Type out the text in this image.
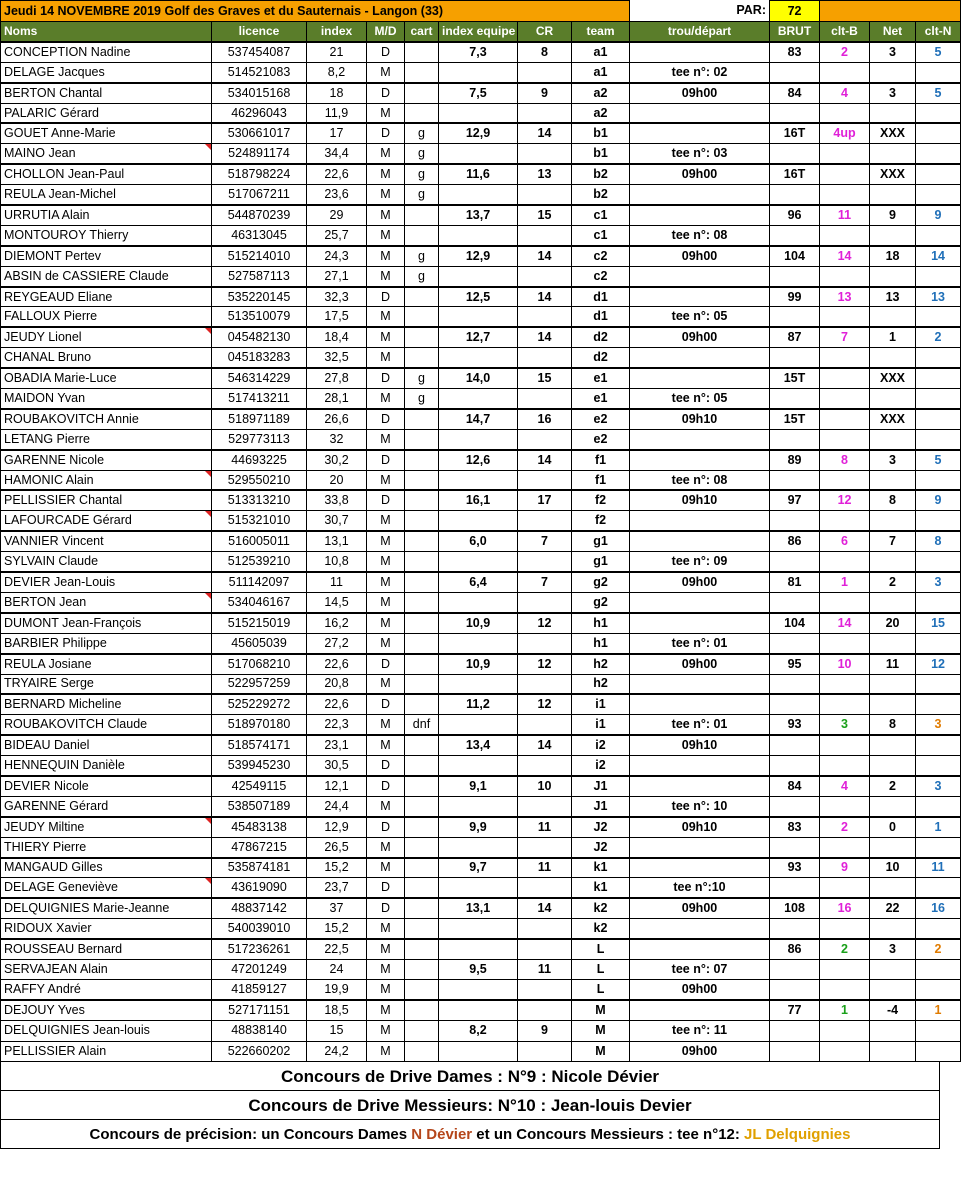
Jeudi 14 NOVEMBRE 2019 Golf des Graves et du Sauternais - Langon (33)								PAR:	72			
Noms	licence	index	M/D	cart	index equipe	CR	team	trou/départ	BRUT	clt-B	Net	clt-N
CONCEPTION Nadine	537454087	21	D		7,3	8	a1		83	2	3	5
DELAGE Jacques	514521083	8,2	M				a1	tee n°: 02				
BERTON Chantal	534015168	18	D		7,5	9	a2	09h00	84	4	3	5
PALARIC Gérard	46296043	11,9	M				a2					
GOUET Anne-Marie	530661017	17	D	g	12,9	14	b1		16T	4up	XXX	
MAINO Jean	524891174	34,4	M	g			b1	tee n°: 03				
CHOLLON Jean-Paul	518798224	22,6	M	g	11,6	13	b2	09h00	16T		XXX	
REULA Jean-Michel	517067211	23,6	M	g			b2					
URRUTIA Alain	544870239	29	M		13,7	15	c1		96	11	9	9
MONTOUROY Thierry	46313045	25,7	M				c1	tee n°: 08				
DIEMONT Pertev	515214010	24,3	M	g	12,9	14	c2	09h00	104	14	18	14
ABSIN de CASSIERE Claude	527587113	27,1	M	g			c2					
REYGEAUD Eliane	535220145	32,3	D		12,5	14	d1		99	13	13	13
FALLOUX Pierre	513510079	17,5	M				d1	tee n°: 05				
JEUDY Lionel	045482130	18,4	M		12,7	14	d2	09h00	87	7	1	2
CHANAL Bruno	045183283	32,5	M				d2					
OBADIA Marie-Luce	546314229	27,8	D	g	14,0	15	e1		15T		XXX	
MAIDON Yvan	517413211	28,1	M	g			e1	tee n°: 05				
ROUBAKOVITCH Annie	518971189	26,6	D		14,7	16	e2	09h10	15T		XXX	
LETANG Pierre	529773113	32	M				e2					
GARENNE Nicole	44693225	30,2	D		12,6	14	f1		89	8	3	5
HAMONIC Alain	529550210	20	M				f1	tee n°: 08				
PELLISSIER Chantal	513313210	33,8	D		16,1	17	f2	09h10	97	12	8	9
LAFOURCADE Gérard	515321010	30,7	M				f2					
VANNIER Vincent	516005011	13,1	M		6,0	7	g1		86	6	7	8
SYLVAIN Claude	512539210	10,8	M				g1	tee n°: 09				
DEVIER Jean-Louis	511142097	11	M		6,4	7	g2	09h00	81	1	2	3
BERTON Jean	534046167	14,5	M				g2					
DUMONT Jean-François	515215019	16,2	M		10,9	12	h1		104	14	20	15
BARBIER Philippe	45605039	27,2	M				h1	tee n°: 01				
REULA Josiane	517068210	22,6	D		10,9	12	h2	09h00	95	10	11	12
TRYAIRE Serge	522957259	20,8	M				h2					
BERNARD Micheline	525229272	22,6	D		11,2	12	i1					
ROUBAKOVITCH Claude	518970180	22,3	M	dnf			i1	tee n°: 01	93	3	8	3
BIDEAU Daniel	518574171	23,1	M		13,4	14	i2	09h10				
HENNEQUIN Danièle	539945230	30,5	D				i2					
DEVIER Nicole	42549115	12,1	D		9,1	10	J1		84	4	2	3
GARENNE Gérard	538507189	24,4	M				J1	tee n°: 10				
JEUDY Miltine	45483138	12,9	D		9,9	11	J2	09h10	83	2	0	1
THIERY Pierre	47867215	26,5	M				J2					
MANGAUD Gilles	535874181	15,2	M		9,7	11	k1		93	9	10	11
DELAGE Geneviève	43619090	23,7	D				k1	tee n°:10				
DELQUIGNIES Marie-Jeanne	48837142	37	D		13,1	14	k2	09h00	108	16	22	16
RIDOUX Xavier	540039010	15,2	M				k2					
ROUSSEAU Bernard	517236261	22,5	M				L		86	2	3	2
SERVAJEAN Alain	47201249	24	M		9,5	11	L	tee n°: 07				
RAFFY André	41859127	19,9	M				L	09h00				
DEJOUY Yves	527171151	18,5	M				M		77	1	-4	1
DELQUIGNIES Jean-louis	48838140	15	M		8,2	9	M	tee n°: 11				
PELLISSIER Alain	522660202	24,2	M				M	09h00				
Concours de Drive Dames : N°9 : Nicole Dévier
Concours de Drive Messieurs: N°10 : Jean-louis Devier
Concours de précision: un Concours Dames N Dévier et un Concours Messieurs : tee n°12: JL Delquignies
